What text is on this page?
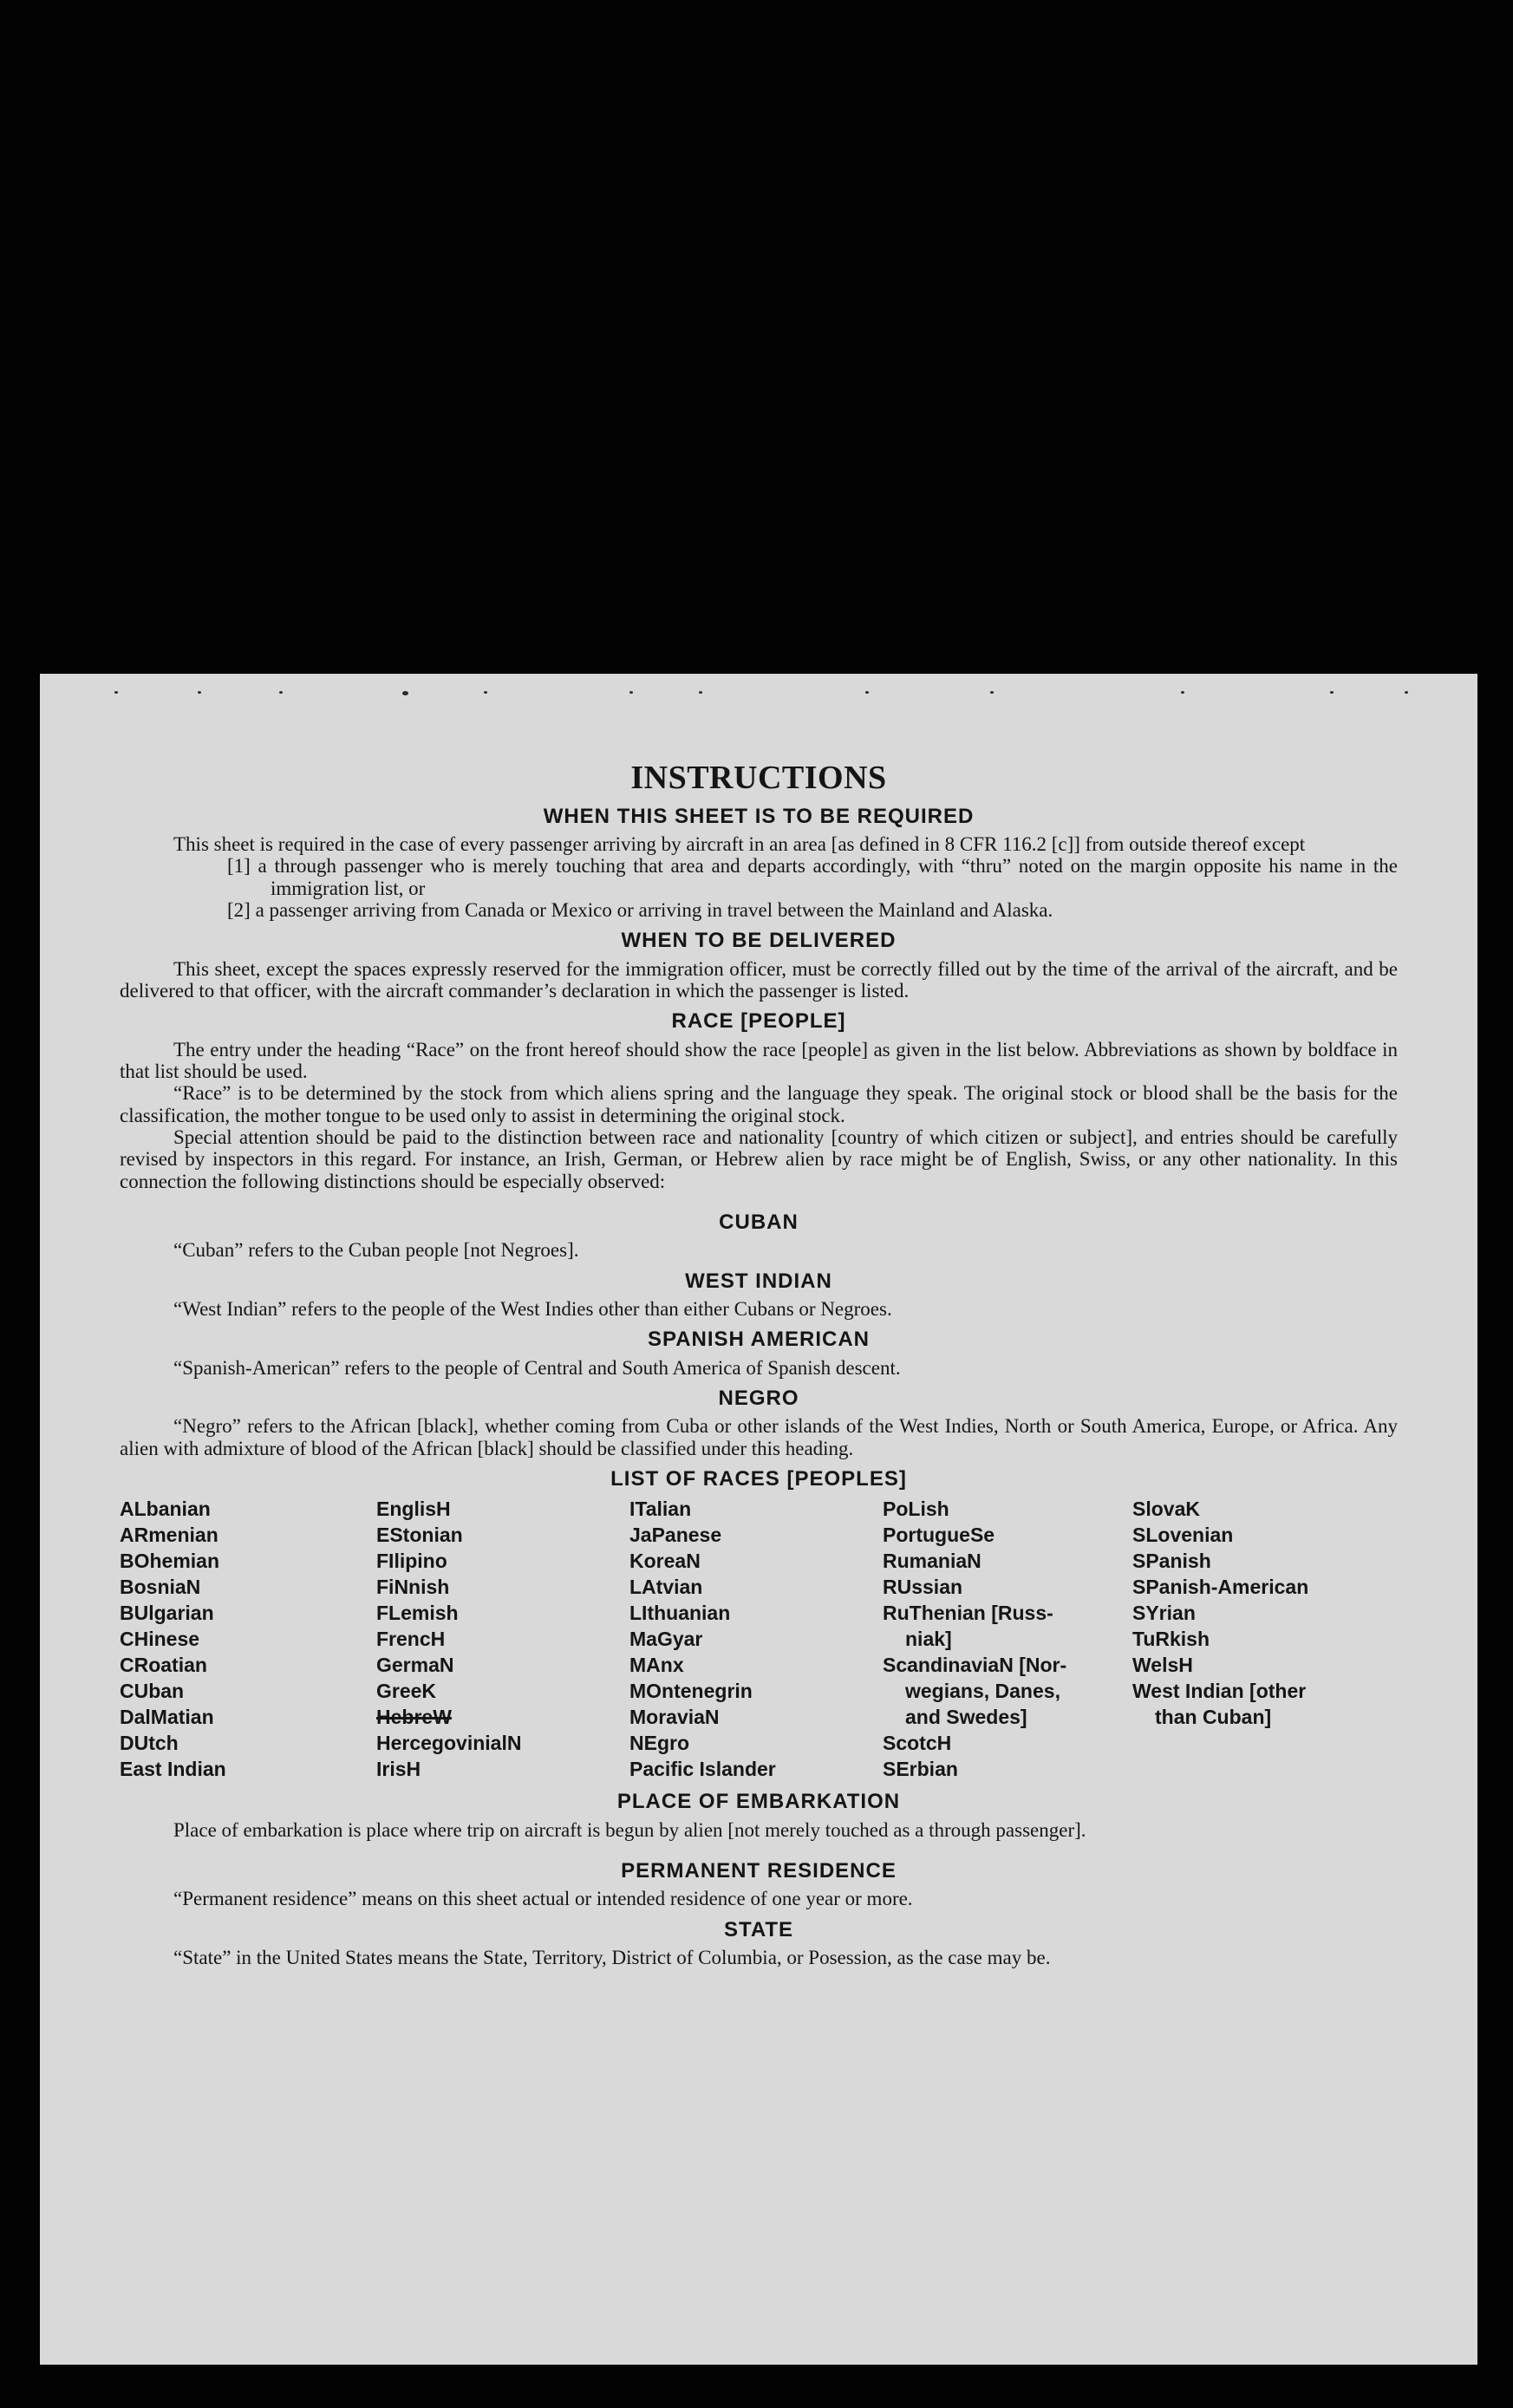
INSTRUCTIONS
WHEN THIS SHEET IS TO BE REQUIRED

This sheet is required in the case of every passenger arriving by aircraft in an area [as defined in 8 CFR 116.2 [c]] from outside thereof except

[1] a through passenger who is merely touching that area and departs accordingly, with “thru” noted on the margin opposite his name in the immigration list, or

[2] a passenger arriving from Canada or Mexico or arriving in travel between the Mainland and Alaska.

WHEN TO BE DELIVERED

This sheet, except the spaces expressly reserved for the immigration officer, must be correctly filled out by the time of the arrival of the aircraft, and be delivered to that officer, with the aircraft commander’s declaration in which the passenger is listed.

RACE [PEOPLE]

The entry under the heading “Race” on the front hereof should show the race [people] as given in the list below. Abbreviations as shown by boldface in that list should be used.

“Race” is to be determined by the stock from which aliens spring and the language they speak. The original stock or blood shall be the basis for the classification, the mother tongue to be used only to assist in determining the original stock.

Special attention should be paid to the distinction between race and nationality [country of which citizen or subject], and entries should be carefully revised by inspectors in this regard. For instance, an Irish, German, or Hebrew alien by race might be of English, Swiss, or any other nationality. In this connection the following distinctions should be especially observed:

CUBAN

“Cuban” refers to the Cuban people [not Negroes].

WEST INDIAN

“West Indian” refers to the people of the West Indies other than either Cubans or Negroes.

SPANISH AMERICAN

“Spanish-American” refers to the people of Central and South America of Spanish descent.

NEGRO

“Negro” refers to the African [black], whether coming from Cuba or other islands of the West Indies, North or South America, Europe, or Africa. Any alien with admixture of blood of the African [black] should be classified under this heading.

LIST OF RACES [PEOPLES]
ALbanian
ARmenian
BOhemian
BosniaN
BUlgarian
CHinese
CRoatian
CUban
DalMatian
DUtch
East Indian
EnglisH
EStonian
FIlipino
FiNnish
FLemish
FrencH
GermaN
GreeK
HebreW
HercegovinialN
IrisH
ITalian
JaPanese
KoreaN
LAtvian
LIthuanian
MaGyar
MAnx
MOntenegrin
MoraviaN
NEgro
Pacific Islander
PoLish
PortugueSe
RumaniaN
RUssian
RuThenian [Russ-
niak]
ScandinaviaN [Nor-
wegians, Danes,
and Swedes]
ScotcH
SErbian
SlovaK
SLovenian
SPanish
SPanish-American
SYrian
TuRkish
WelsH
West Indian [other
than Cuban]
PLACE OF EMBARKATION

Place of embarkation is place where trip on aircraft is begun by alien [not merely touched as a through passenger].

PERMANENT RESIDENCE

“Permanent residence” means on this sheet actual or intended residence of one year or more.

STATE

“State” in the United States means the State, Territory, District of Columbia, or Posession, as the case may be.
